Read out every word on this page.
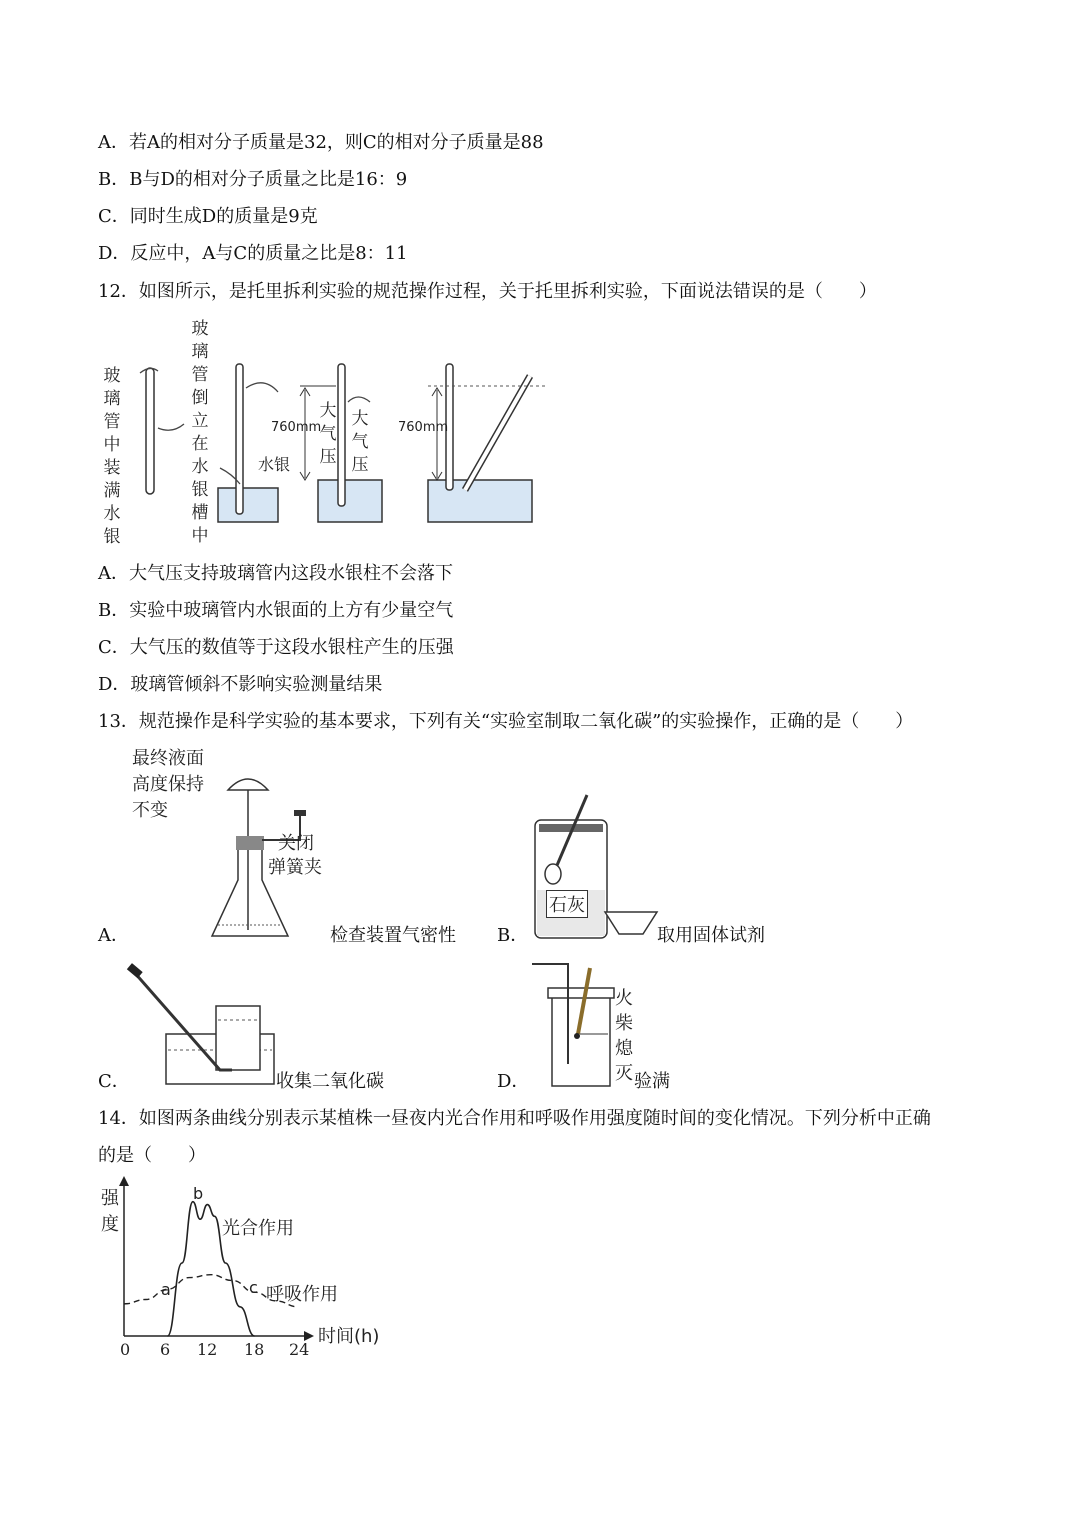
A．若A的相对分子质量是32，则C的相对分子质量是88
B．B与D的相对分子质量之比是16：9
C．同时生成D的质量是9克
D．反应中，A与C的质量之比是8：11
12．如图所示，是托里拆利实验的规范操作过程，关于托里拆利实验，下面说法错误的是（　　）
玻璃管中装满水银
玻璃管倒立在水银槽中
水银
760mm
大气压
大气压
760mm
A．大气压支持玻璃管内这段水银柱不会落下
B．实验中玻璃管内水银面的上方有少量空气
C．大气压的数值等于这段水银柱产生的压强
D．玻璃管倾斜不影响实验测量结果
13．规范操作是科学实验的基本要求，下列有关“实验室制取二氧化碳”的实验操作，正确的是（　　）
最终液面
高度保持
不变
关闭
弹簧夹
A．	检查装置气密性
石灰
B．	取用固体试剂
C．	收集二氧化碳
火柴熄灭
D．	验满
14．如图两条曲线分别表示某植株一昼夜内光合作用和呼吸作用强度随时间的变化情况。下列分析中正确
的是（　　）
强度
0 6 12 18 24
时间(h)
b
a	c
光合作用
呼吸作用
